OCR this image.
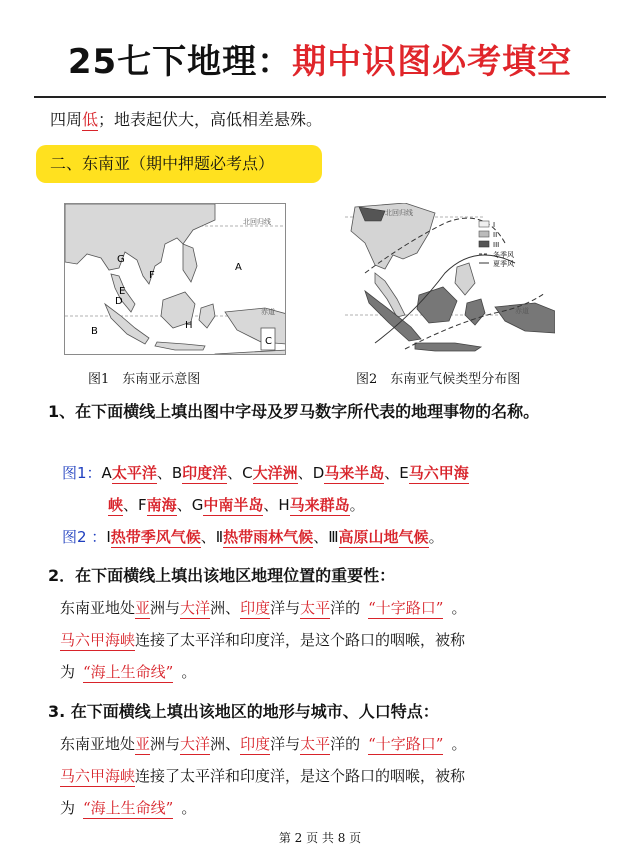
25七下地理：期中识图必考填空
四周低；地表起伏大，高低相差悬殊。
二、东南亚（期中押题必考点）
北回归线
赤道
A
B
C
D
E
F
G
H
北回归线
赤道
I
II
III
冬季风
夏季风
图1　东南亚示意图	图2　东南亚气候类型分布图
1、在下面横线上填出图中字母及罗马数字所代表的地理事物的名称。
图1：A太平洋、B印度洋、C大洋洲、D马来半岛、E马六甲海
峡、F南海、G中南半岛、H马来群岛。
图2 ：Ⅰ热带季风气候、Ⅱ热带雨林气候、Ⅲ高原山地气候。
2．在下面横线上填出该地区地理位置的重要性：
东南亚地处亚洲与大洋洲、印度洋与太平洋的 “十字路口” 。
马六甲海峡连接了太平洋和印度洋，是这个路口的咽喉，被称
为 “海上生命线” 。
3. 在下面横线上填出该地区的地形与城市、人口特点：
东南亚地处亚洲与大洋洲、印度洋与太平洋的 “十字路口” 。
马六甲海峡连接了太平洋和印度洋，是这个路口的咽喉，被称
为 “海上生命线” 。
第 2 页 共 8 页
